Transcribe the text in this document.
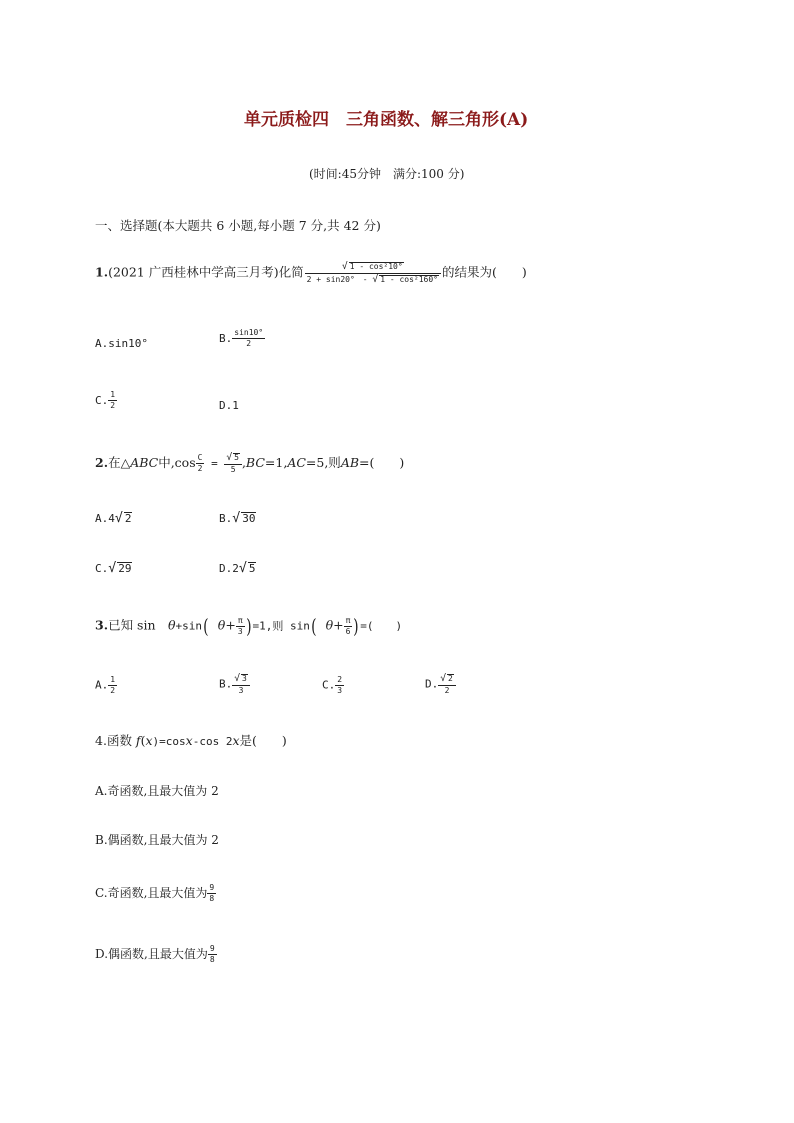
单元质检四　三角函数、解三角形(A)
(时间:45分钟　满分:100 分)
一、选择题(本大题共 6 小题,每小题 7 分,共 42 分)
1.(2021 广西桂林中学高三月考)化简 $\frac{\text{√ 1 - cos²10°}}{\text{2 + sin20°　- √ 1 - cos²160°}}$ 的结果为(　　)
A.sin10°	B. $\frac{\sin 10^\circ}{2}$
C. $\frac{1}{2}$	D.1
2.在△ABC中$,\cos \frac{C}{2} = \frac{√ 5}{5} ,BC=1,AC=5$,则AB=(　　)
A.4√ 2	B.√ 30
C.√ 29	D.2√ 5
3.已知 sin　θ+sin( $\theta+ \frac{\pi}{3} )=1$,则 sin( $\theta+ \frac{\pi}{6}$ )=(　　)
A. $\frac{1}{2}$	B. $\frac{√ 3}{3}$	C. $\frac{2}{3}$	D. $\frac{√ 2}{2}$
4.函数 f(x)=cosx-cos 2x是(　　)
A.奇函数,且最大值为 2
B.偶函数,且最大值为 2
C.奇函数,且最大值为 $\frac{9}{8}$
D.偶函数,且最大值为 $\frac{9}{8}$
